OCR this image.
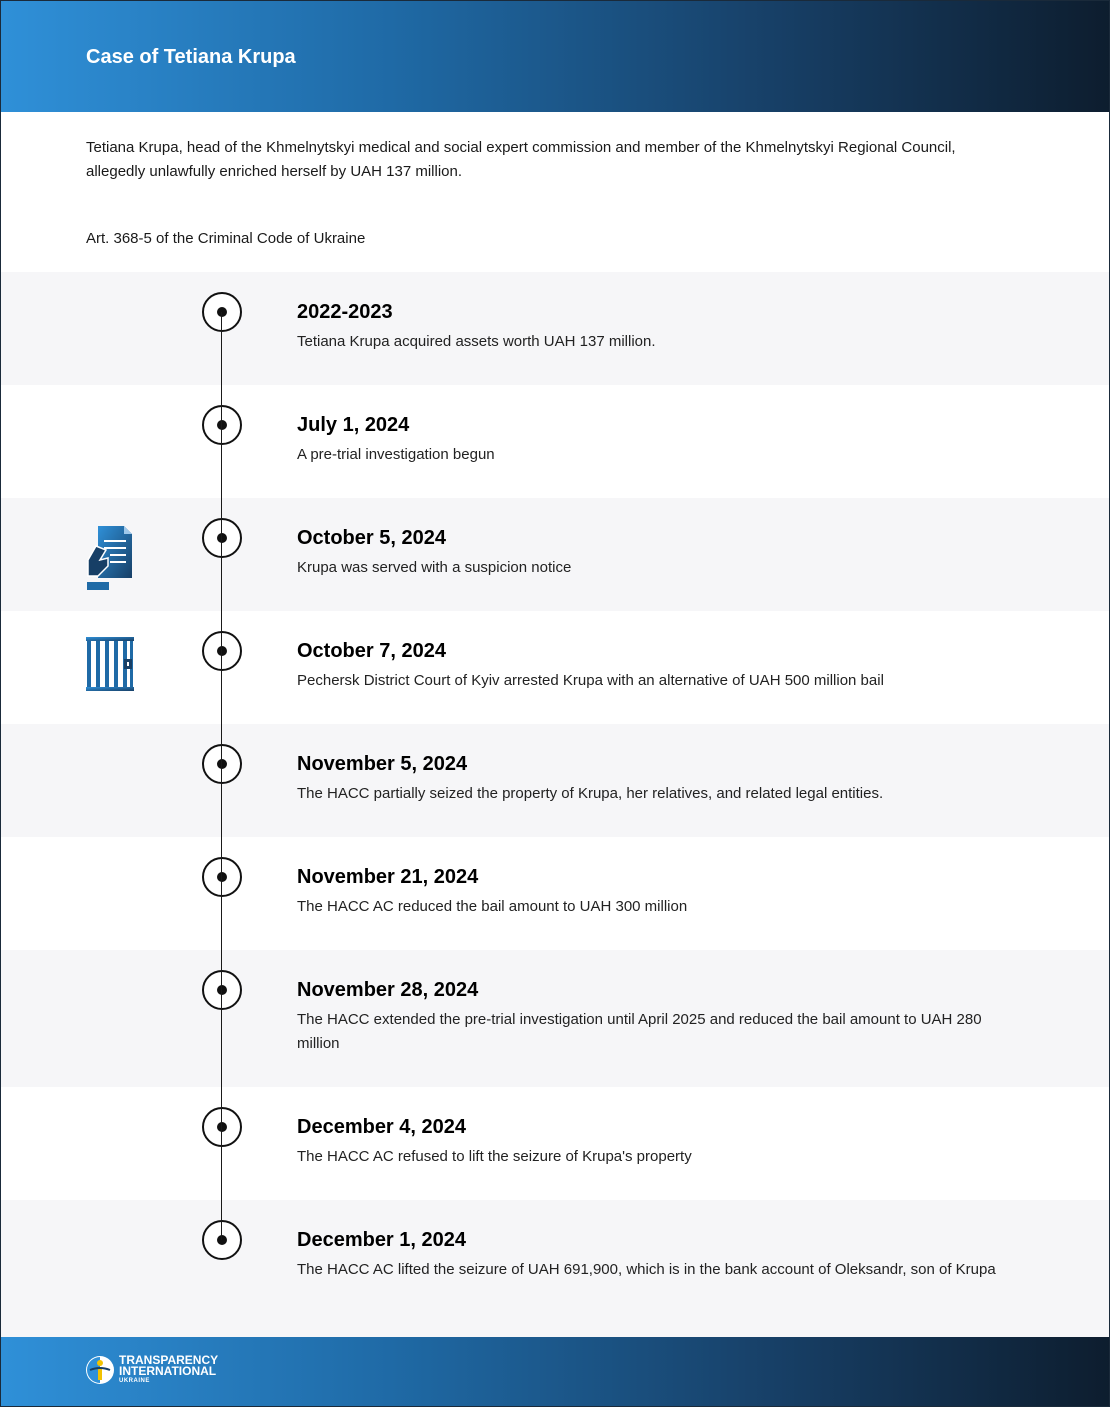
Case of Tetiana Krupa
Tetiana Krupa, head of the Khmelnytskyi medical and social expert commission and member of the Khmelnytskyi Regional Council, allegedly unlawfully enriched herself by UAH 137 million.
Art. 368-5 of the Criminal Code of Ukraine
2022-2023
Tetiana Krupa acquired assets worth UAH 137 million.
July 1, 2024
A pre-trial investigation begun
October 5, 2024
Krupa was served with a suspicion notice
October 7, 2024
Pechersk District Court of Kyiv arrested Krupa with an alternative of UAH 500 million bail
November 5, 2024
The HACC partially seized the property of Krupa, her relatives, and related legal entities.
November 21, 2024
The HACC AC reduced the bail amount to UAH 300 million
November 28, 2024
The HACC extended the pre-trial investigation until April 2025 and reduced the bail amount to UAH 280 million
December 4, 2024
The HACC AC refused to lift the seizure of Krupa's property
December 1, 2024
The HACC AC lifted the seizure of UAH 691,900, which is in the bank account of Oleksandr, son of Krupa
TRANSPARENCY
INTERNATIONAL
UKRAINE
